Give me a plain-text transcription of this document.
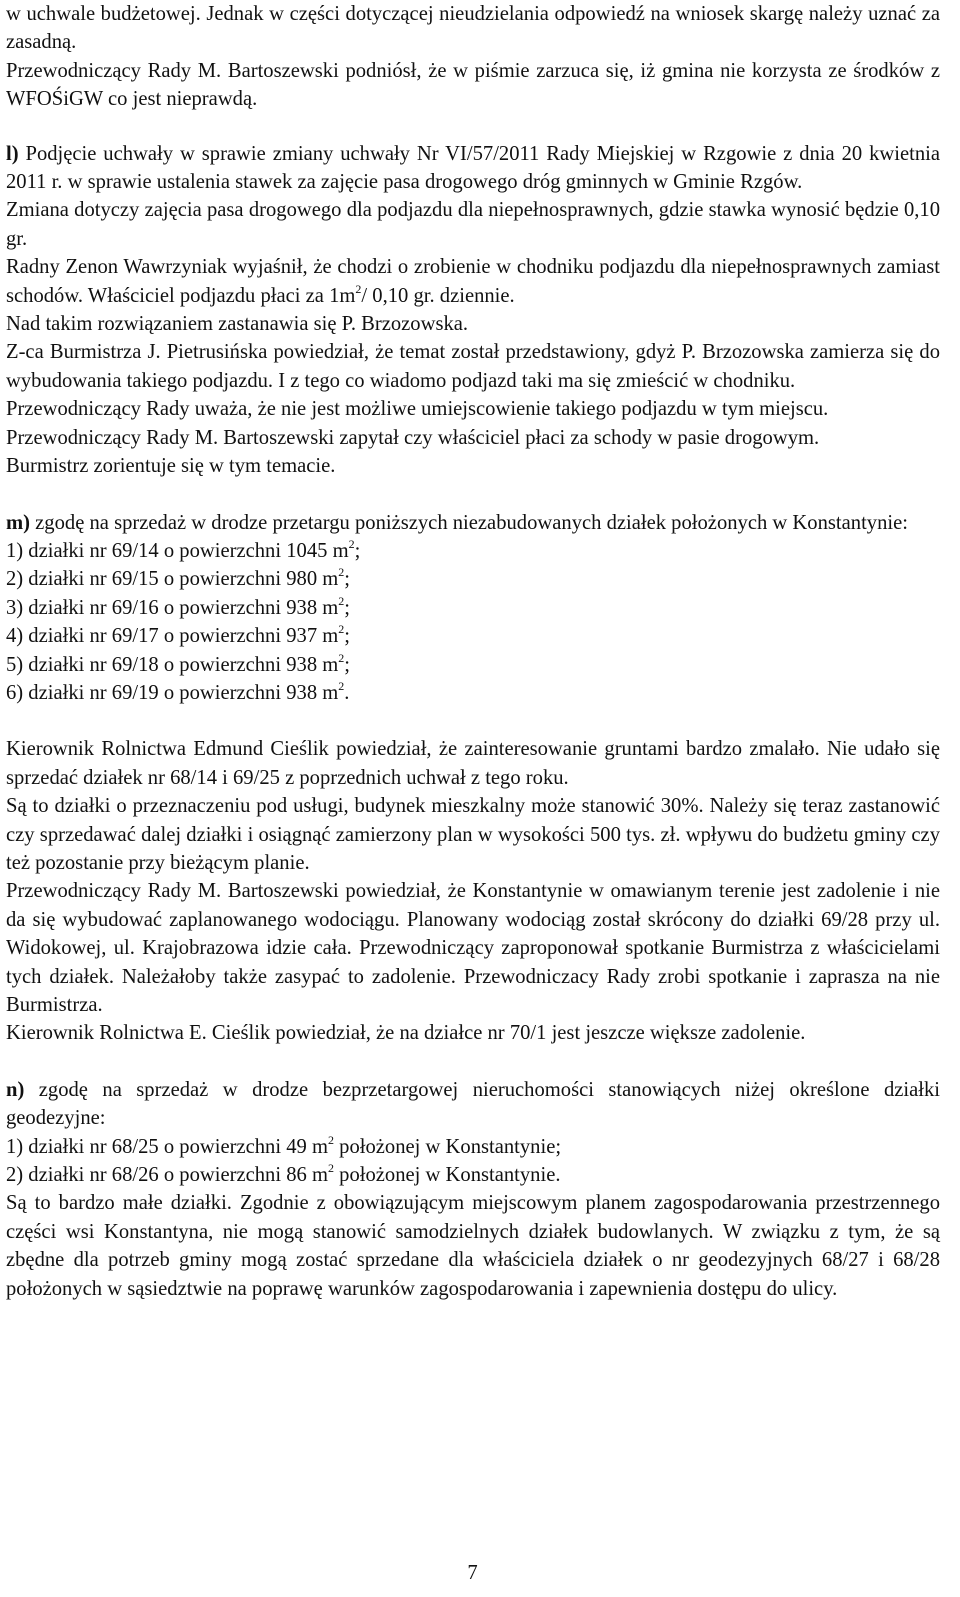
w uchwale budżetowej. Jednak w części dotyczącej nieudzielania odpowiedź na wniosek skargę należy uznać za zasadną.

Przewodniczący Rady M. Bartoszewski podniósł, że w piśmie zarzuca się, iż gmina nie korzysta ze środków z WFOŚiGW co jest nieprawdą.

l) Podjęcie uchwały w sprawie zmiany uchwały Nr VI/57/2011 Rady Miejskiej w Rzgowie z dnia 20 kwietnia 2011 r. w sprawie ustalenia stawek za zajęcie pasa drogowego dróg gminnych w Gminie Rzgów.

Zmiana dotyczy zajęcia pasa drogowego dla podjazdu dla niepełnosprawnych, gdzie stawka wynosić będzie 0,10 gr.

Radny Zenon Wawrzyniak wyjaśnił, że chodzi o zrobienie w chodniku podjazdu dla niepełnosprawnych zamiast schodów. Właściciel podjazdu płaci za $1m^2/$ 0,10 gr. dziennie.

Nad takim rozwiązaniem zastanawia się P. Brzozowska.

Z-ca Burmistrza J. Pietrusińska powiedział, że temat został przedstawiony, gdyż P. Brzozowska zamierza się do wybudowania takiego podjazdu. I z tego co wiadomo podjazd taki ma się zmieścić w chodniku.

Przewodniczący Rady uważa, że nie jest możliwe umiejscowienie takiego podjazdu w tym miejscu.

Przewodniczący Rady M. Bartoszewski zapytał czy właściciel płaci za schody w pasie drogowym.

Burmistrz zorientuje się w tym temacie.

m) zgodę na sprzedaż w drodze przetargu poniższych niezabudowanych działek położonych w Konstantynie:

1) działki nr 69/14 o powierzchni 1045 $m^2$;

2) działki nr 69/15 o powierzchni 980 $m^2$;

3) działki nr 69/16 o powierzchni 938 $m^2$;

4) działki nr 69/17 o powierzchni 937 $m^2$;

5) działki nr 69/18 o powierzchni 938 $m^2$;

6) działki nr 69/19 o powierzchni 938 $m^2$.

Kierownik Rolnictwa Edmund Cieślik powiedział, że zainteresowanie gruntami bardzo zmalało. Nie udało się sprzedać działek nr 68/14 i 69/25 z poprzednich uchwał z tego roku.

Są to działki o przeznaczeniu pod usługi, budynek mieszkalny może stanowić 30%. Należy się teraz zastanowić czy sprzedawać dalej działki i osiągnąć zamierzony plan w wysokości 500 tys. zł. wpływu do budżetu gminy czy też pozostanie przy bieżącym planie.

Przewodniczący Rady M. Bartoszewski powiedział, że Konstantynie w omawianym terenie jest zadolenie i nie da się wybudować zaplanowanego wodociągu. Planowany wodociąg został skrócony do działki 69/28 przy ul. Widokowej, ul. Krajobrazowa idzie cała. Przewodniczący zaproponował spotkanie Burmistrza z właścicielami tych działek. Należałoby także zasypać to zadolenie. Przewodniczacy Rady zrobi spotkanie i zaprasza na nie Burmistrza.

Kierownik Rolnictwa E. Cieślik powiedział, że na działce nr 70/1 jest jeszcze większe zadolenie.

n) zgodę na sprzedaż w drodze bezprzetargowej nieruchomości stanowiących niżej określone działki geodezyjne:

1) działki nr 68/25 o powierzchni 49 $m^2$ położonej w Konstantynie;

2) działki nr 68/26 o powierzchni 86 $m^2$ położonej w Konstantynie.

Są to bardzo małe działki. Zgodnie z obowiązującym miejscowym planem zagospodarowania przestrzennego części wsi Konstantyna, nie mogą stanowić samodzielnych działek budowlanych. W związku z tym, że są zbędne dla potrzeb gminy mogą zostać sprzedane dla właściciela działek o nr geodezyjnych 68/27 i 68/28 położonych w sąsiedztwie na poprawę warunków zagospodarowania i zapewnienia dostępu do ulicy.

7
